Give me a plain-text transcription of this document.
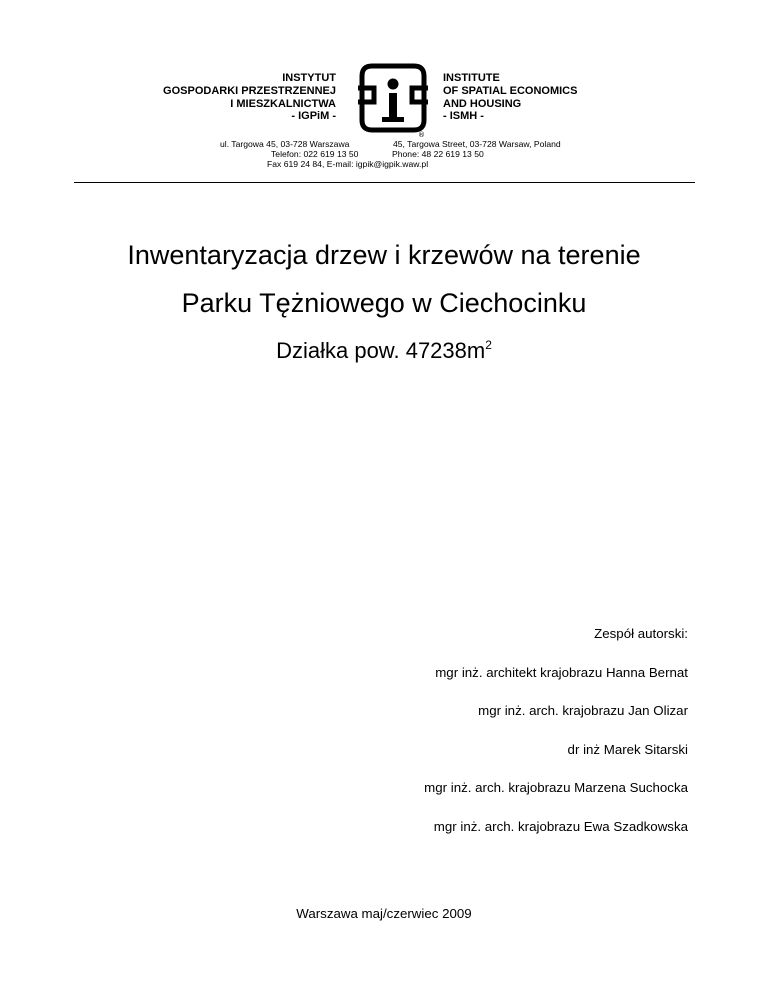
INSTYTUT
GOSPODARKI PRZESTRZENNEJ
I MIESZKALNICTWA
- IGPiM -
®
INSTITUTE
OF SPATIAL ECONOMICS
AND HOUSING
- ISMH -
ul. Targowa 45, 03-728 Warszawa	45, Targowa Street, 03-728 Warsaw, Poland
Telefon: 022 619 13 50	Phone: 48 22 619 13 50
Fax 619 24 84, E-mail: igpik@igpik.waw.pl
Inwentaryzacja drzew i krzewów na terenie
Parku Tężniowego w Ciechocinku
Działka pow. $47238m^2$
Zespół autorski:
mgr inż. architekt krajobrazu Hanna Bernat
mgr inż. arch. krajobrazu Jan Olizar
dr inż Marek Sitarski
mgr inż. arch. krajobrazu Marzena Suchocka
mgr inż. arch. krajobrazu Ewa Szadkowska
Warszawa maj/czerwiec 2009
